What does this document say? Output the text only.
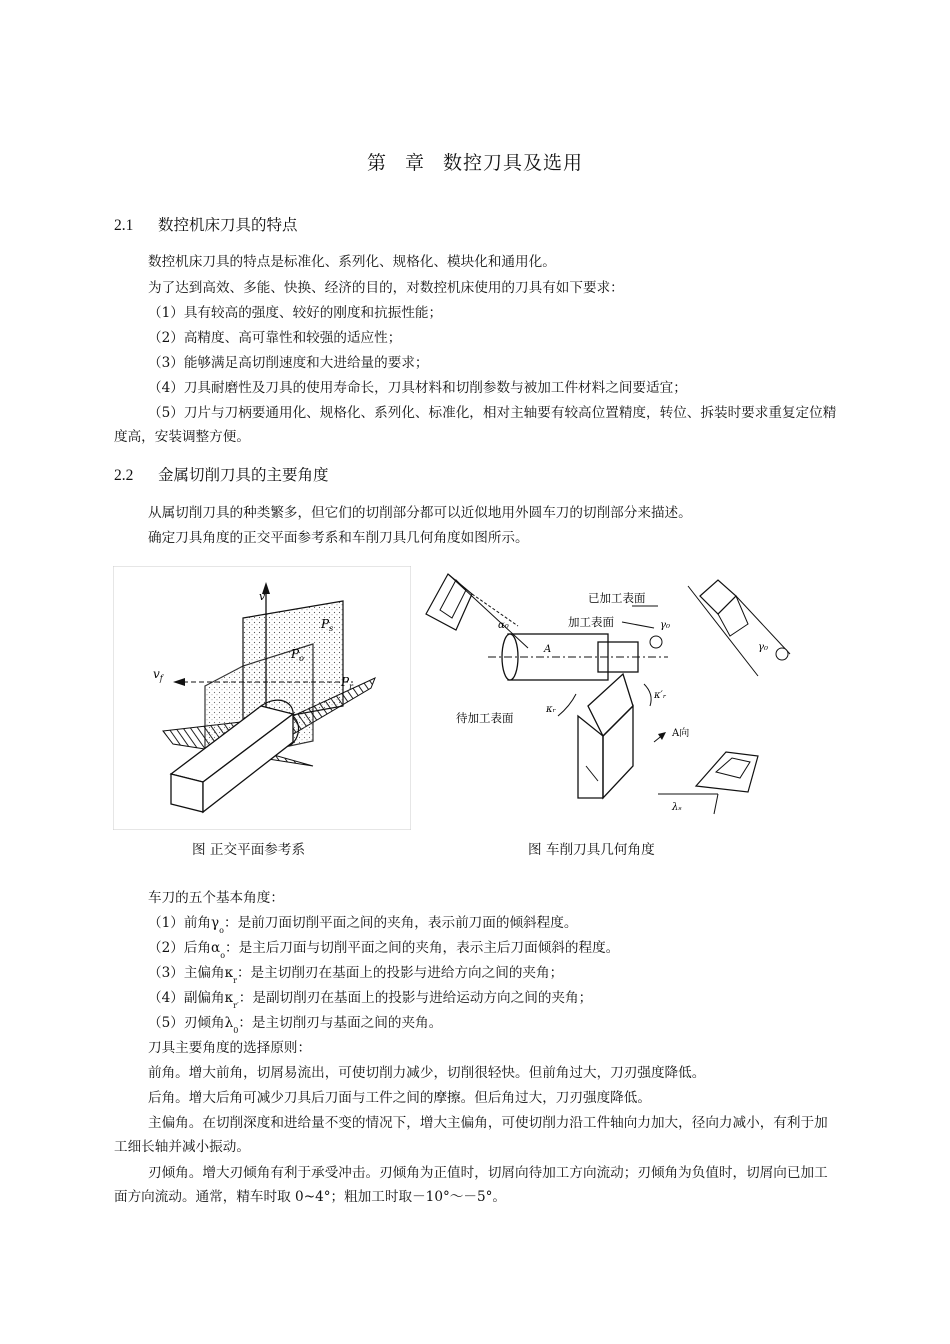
第 章 数控刀具及选用
2.1 数控机床刀具的特点
数控机床刀具的特点是标准化、系列化、规格化、模块化和通用化。
为了达到高效、多能、快换、经济的目的，对数控机床使用的刀具有如下要求：
（1）具有较高的强度、较好的刚度和抗振性能；
（2）高精度、高可靠性和较强的适应性；
（3）能够满足高切削速度和大进给量的要求；
（4）刀具耐磨性及刀具的使用寿命长，刀具材料和切削参数与被加工件材料之间要适宜；
（5）刀片与刀柄要通用化、规格化、系列化、标准化，相对主轴要有较高位置精度，转位、拆装时要求重复定位精度高，安装调整方便。
2.2 金属切削刀具的主要角度
从属切削刀具的种类繁多，但它们的切削部分都可以近似地用外圆车刀的切削部分来描述。
确定刀具角度的正交平面参考系和车削刀具几何角度如图所示。
v
$v_f$
$P_s$
$P_o$
$P_r$
α₀
A
已加工表面
加工表面
待加工表面
κᵣ
κ′ᵣ
A向
γ₀
γ₀
λₛ
图 正交平面参考系	图 车削刀具几何角度
车刀的五个基本角度：
（1）前角$\gamma_o$：是前刀面切削平面之间的夹角，表示前刀面的倾斜程度。
（2）后角$\alpha_o$：是主后刀面与切削平面之间的夹角，表示主后刀面倾斜的程度。
（3）主偏角$\kappa_r$：是主切削刃在基面上的投影与进给方向之间的夹角；
（4）副偏角$\kappa_{r'}$：是副切削刃在基面上的投影与进给运动方向之间的夹角；
（5）刃倾角$\lambda_0$：是主切削刃与基面之间的夹角。
刀具主要角度的选择原则：
前角。增大前角，切屑易流出，可使切削力减少，切削很轻快。但前角过大，刀刃强度降低。
后角。增大后角可减少刀具后刀面与工件之间的摩擦。但后角过大，刀刃强度降低。
主偏角。在切削深度和进给量不变的情况下，增大主偏角，可使切削力沿工件轴向力加大，径向力减小，有利于加工细长轴并减小振动。
刃倾角。增大刃倾角有利于承受冲击。刃倾角为正值时，切屑向待加工方向流动；刃倾角为负值时，切屑向已加工面方向流动。通常，精车时取 0~4°；粗加工时取－10°～－5°。
